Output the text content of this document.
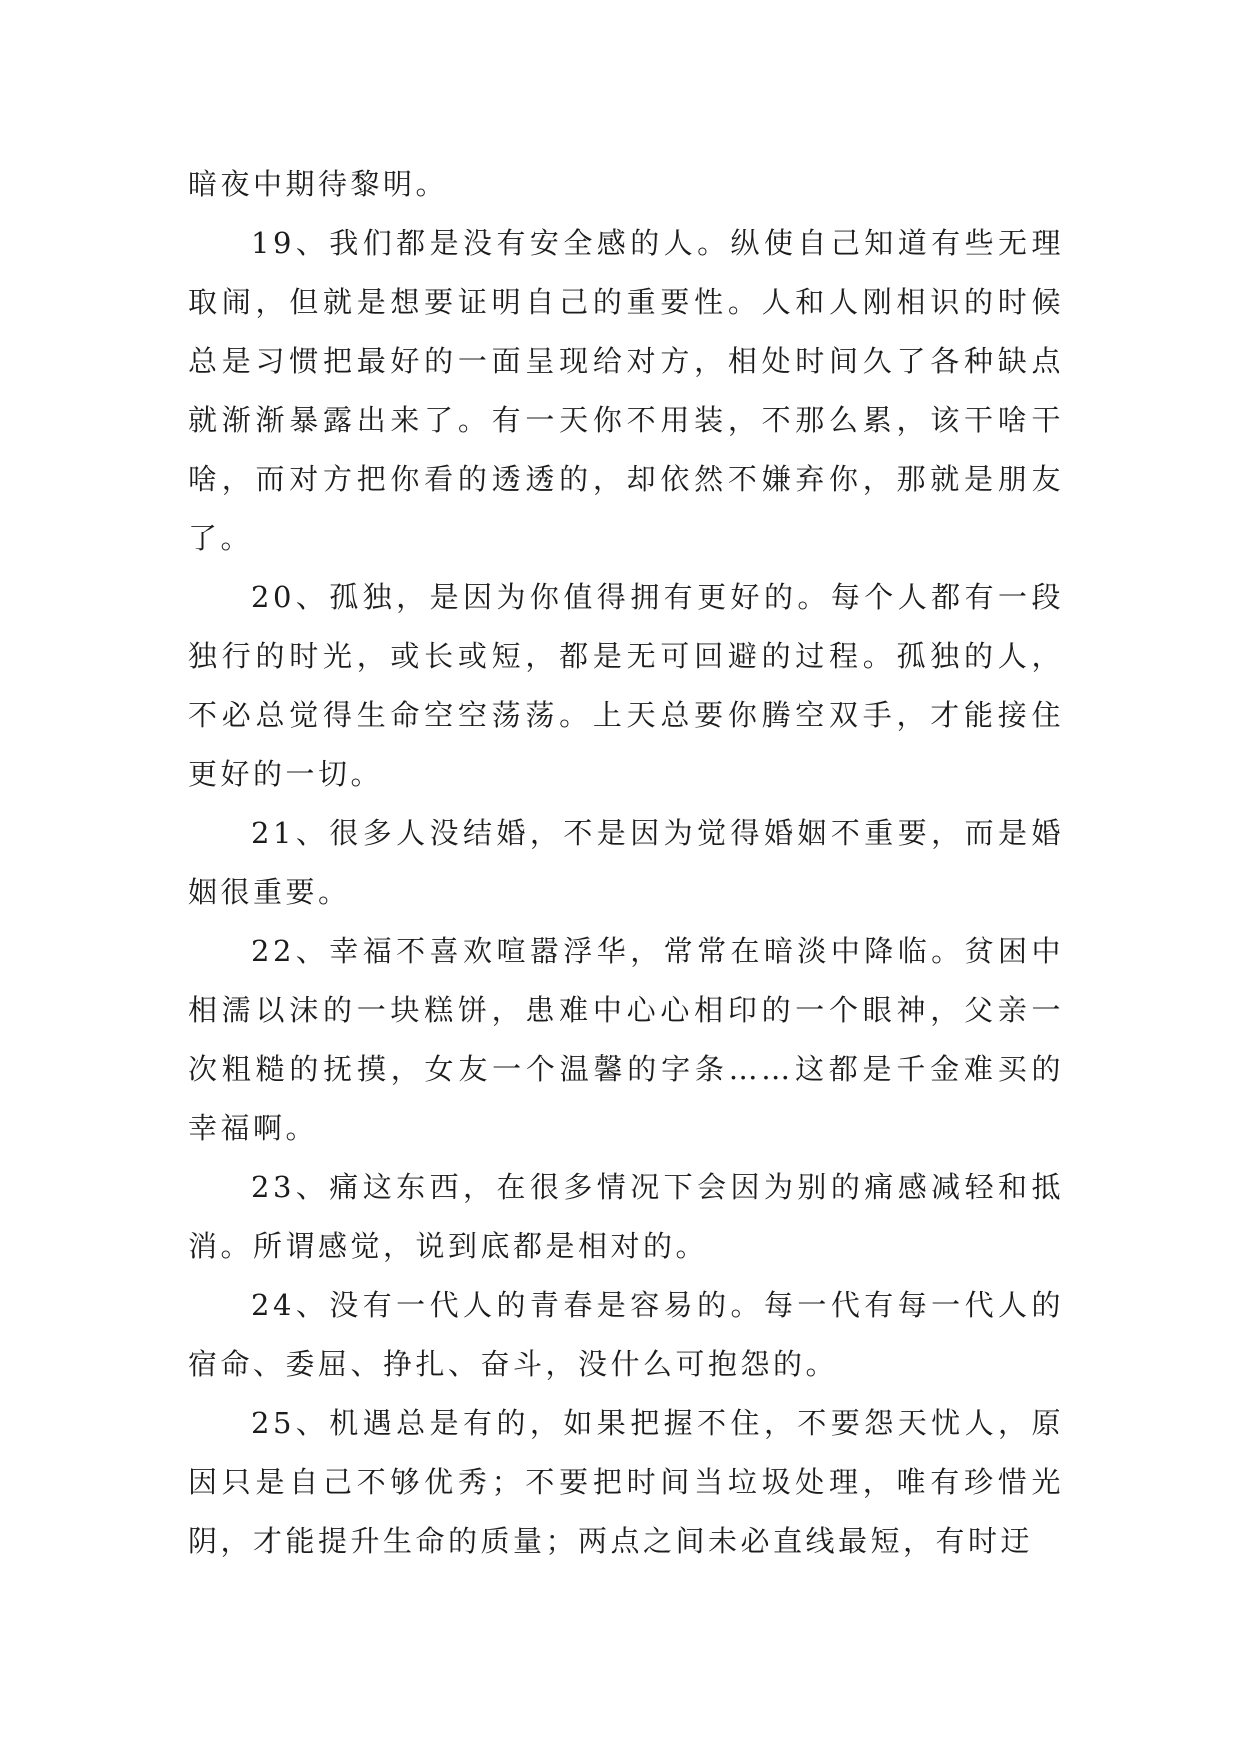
暗夜中期待黎明。

19、我们都是没有安全感的人。纵使自己知道有些无理取闹，但就是想要证明自己的重要性。人和人刚相识的时候总是习惯把最好的一面呈现给对方，相处时间久了各种缺点就渐渐暴露出来了。有一天你不用装，不那么累，该干啥干啥，而对方把你看的透透的，却依然不嫌弃你，那就是朋友了。

20、孤独，是因为你值得拥有更好的。每个人都有一段独行的时光，或长或短，都是无可回避的过程。孤独的人，不必总觉得生命空空荡荡。上天总要你腾空双手，才能接住更好的一切。

21、很多人没结婚，不是因为觉得婚姻不重要，而是婚姻很重要。

22、幸福不喜欢喧嚣浮华，常常在暗淡中降临。贫困中相濡以沫的一块糕饼，患难中心心相印的一个眼神，父亲一次粗糙的抚摸，女友一个温馨的字条……这都是千金难买的幸福啊。

23、痛这东西，在很多情况下会因为别的痛感减轻和抵消。所谓感觉，说到底都是相对的。

24、没有一代人的青春是容易的。每一代有每一代人的宿命、委屈、挣扎、奋斗，没什么可抱怨的。

25、机遇总是有的，如果把握不住，不要怨天忧人，原因只是自己不够优秀；不要把时间当垃圾处理，唯有珍惜光阴，才能提升生命的质量；两点之间未必直线最短，有时迂
